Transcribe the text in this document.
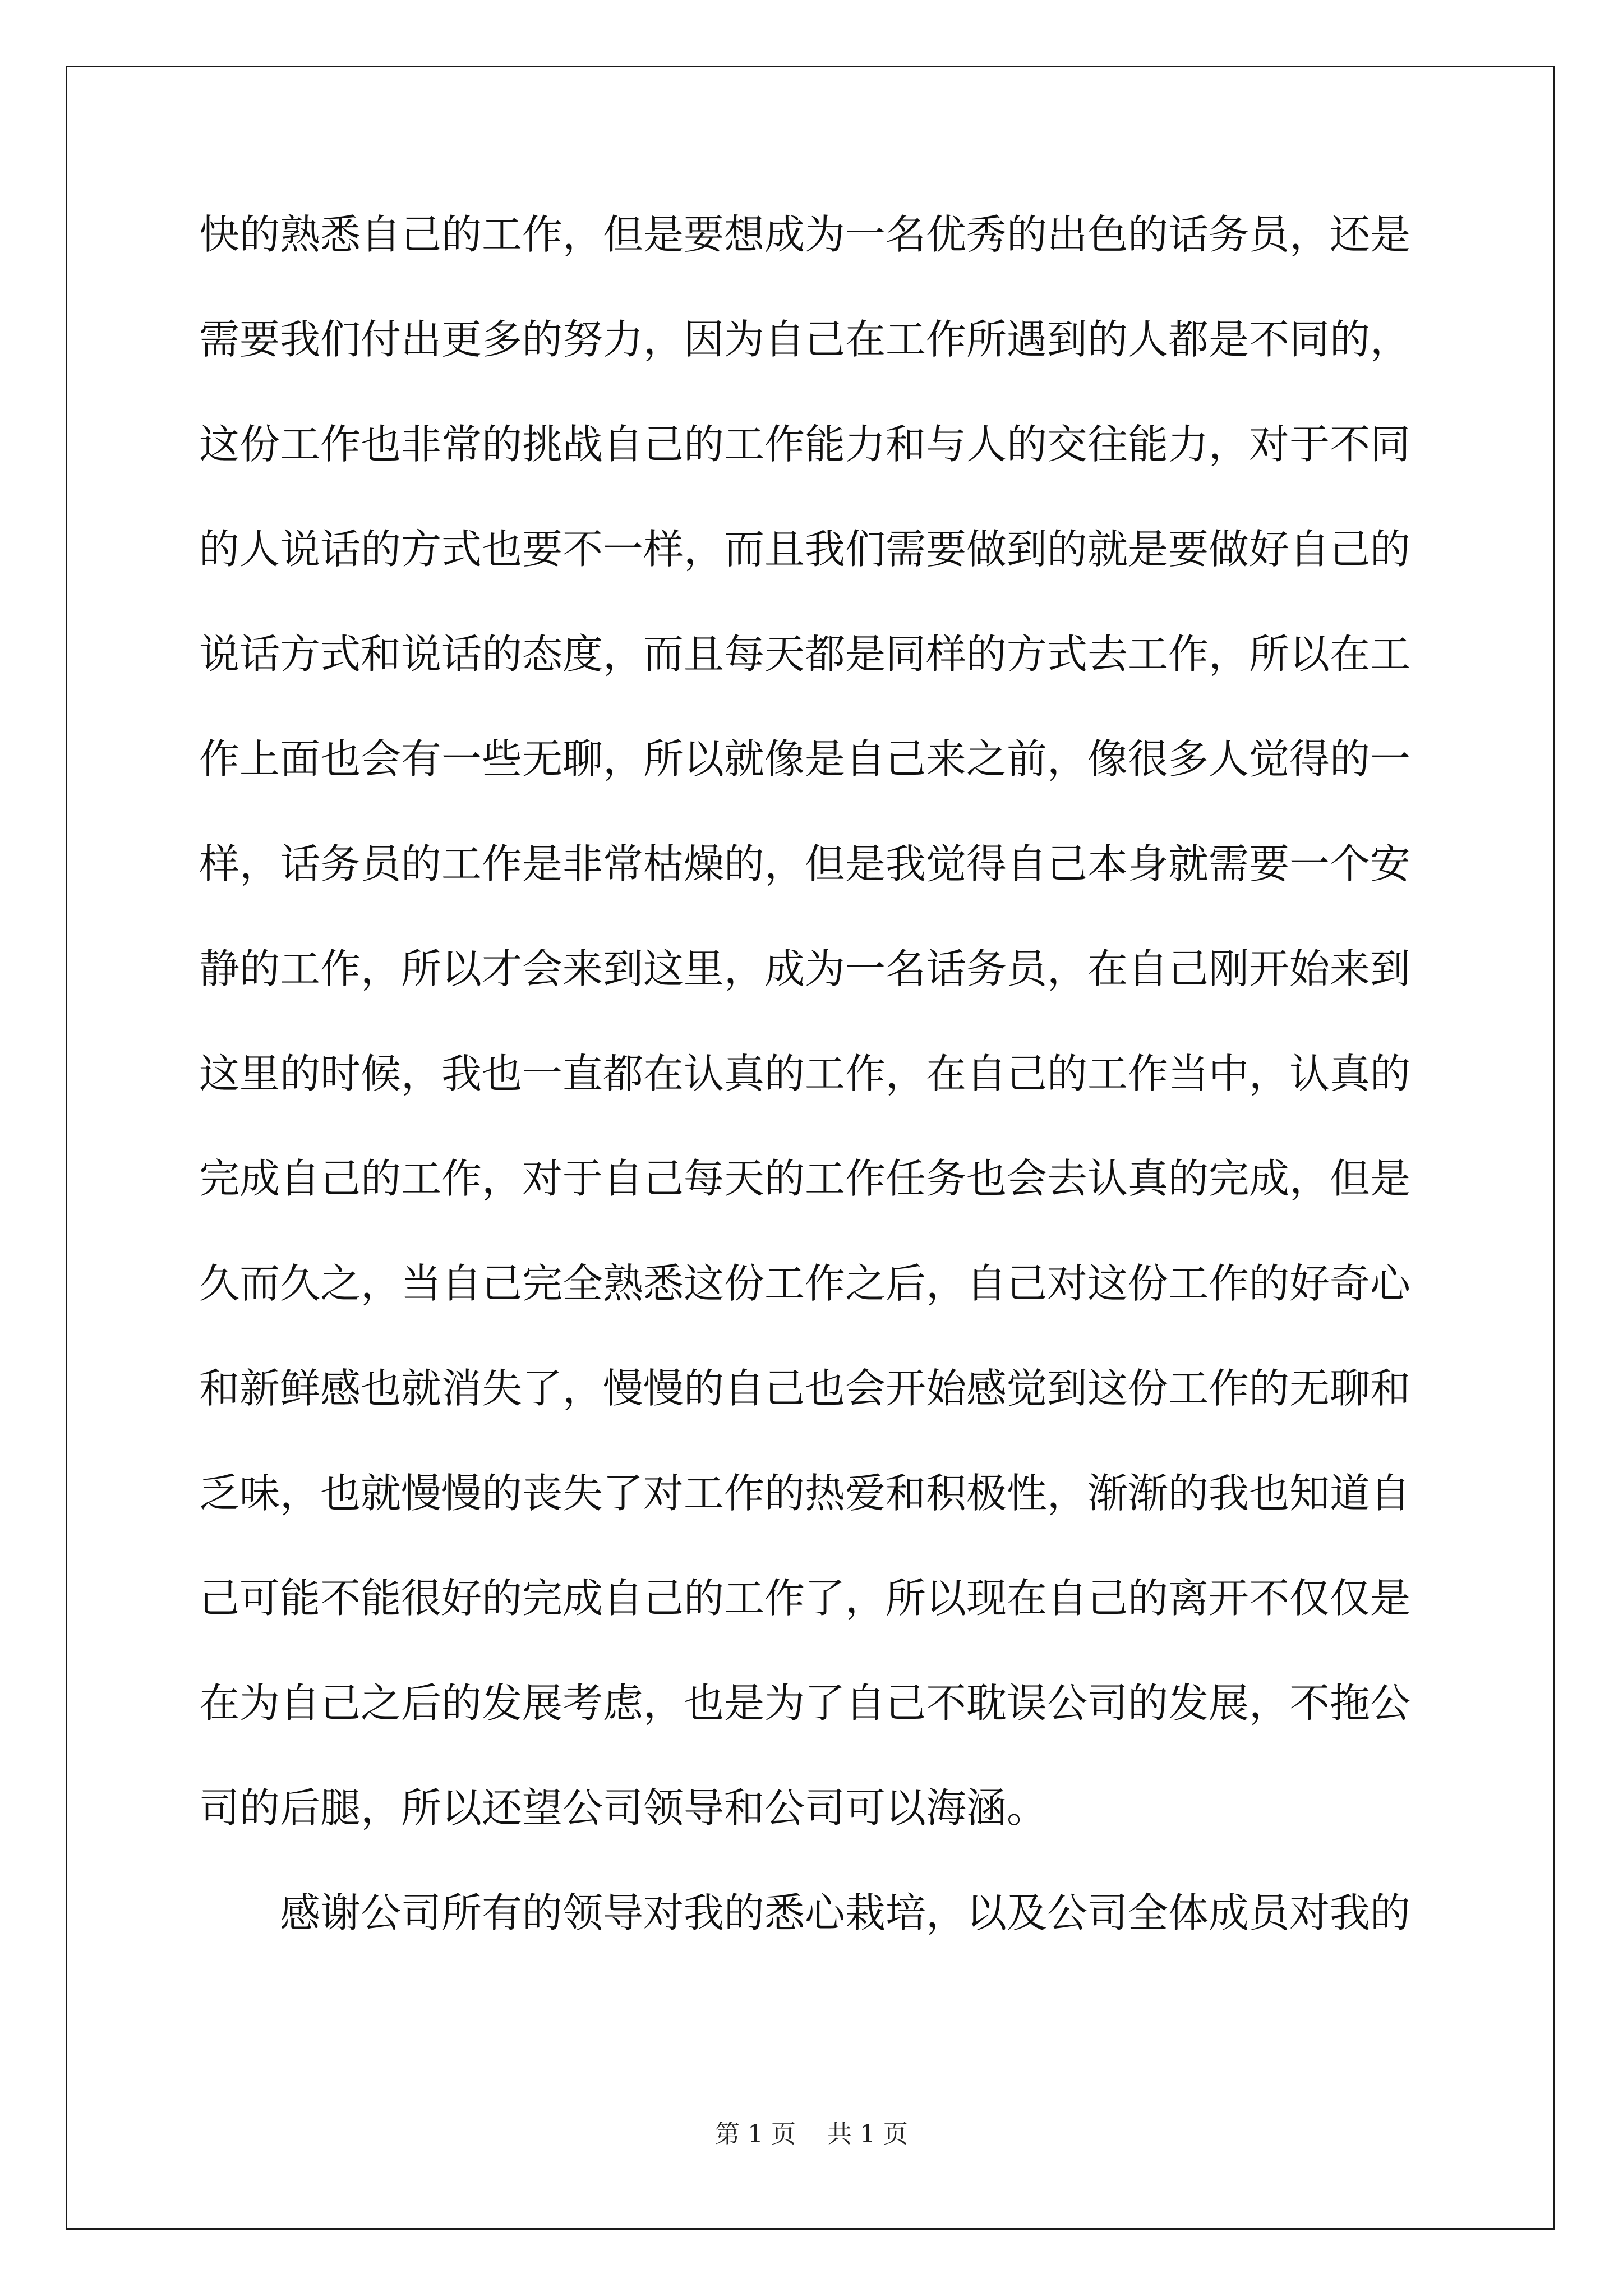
快的熟悉自己的工作，但是要想成为一名优秀的出色的话务员，还是
需要我们付出更多的努力，因为自己在工作所遇到的人都是不同的，
这份工作也非常的挑战自己的工作能力和与人的交往能力，对于不同
的人说话的方式也要不一样，而且我们需要做到的就是要做好自己的
说话方式和说话的态度，而且每天都是同样的方式去工作，所以在工
作上面也会有一些无聊，所以就像是自己来之前，像很多人觉得的一
样，话务员的工作是非常枯燥的，但是我觉得自己本身就需要一个安
静的工作，所以才会来到这里，成为一名话务员，在自己刚开始来到
这里的时候，我也一直都在认真的工作，在自己的工作当中，认真的
完成自己的工作，对于自己每天的工作任务也会去认真的完成，但是
久而久之，当自己完全熟悉这份工作之后，自己对这份工作的好奇心
和新鲜感也就消失了，慢慢的自己也会开始感觉到这份工作的无聊和
乏味，也就慢慢的丧失了对工作的热爱和积极性，渐渐的我也知道自
己可能不能很好的完成自己的工作了，所以现在自己的离开不仅仅是
在为自己之后的发展考虑，也是为了自己不耽误公司的发展，不拖公
司的后腿，所以还望公司领导和公司可以海涵。
感谢公司所有的领导对我的悉心栽培，以及公司全体成员对我的
第 1 页    共 1 页
